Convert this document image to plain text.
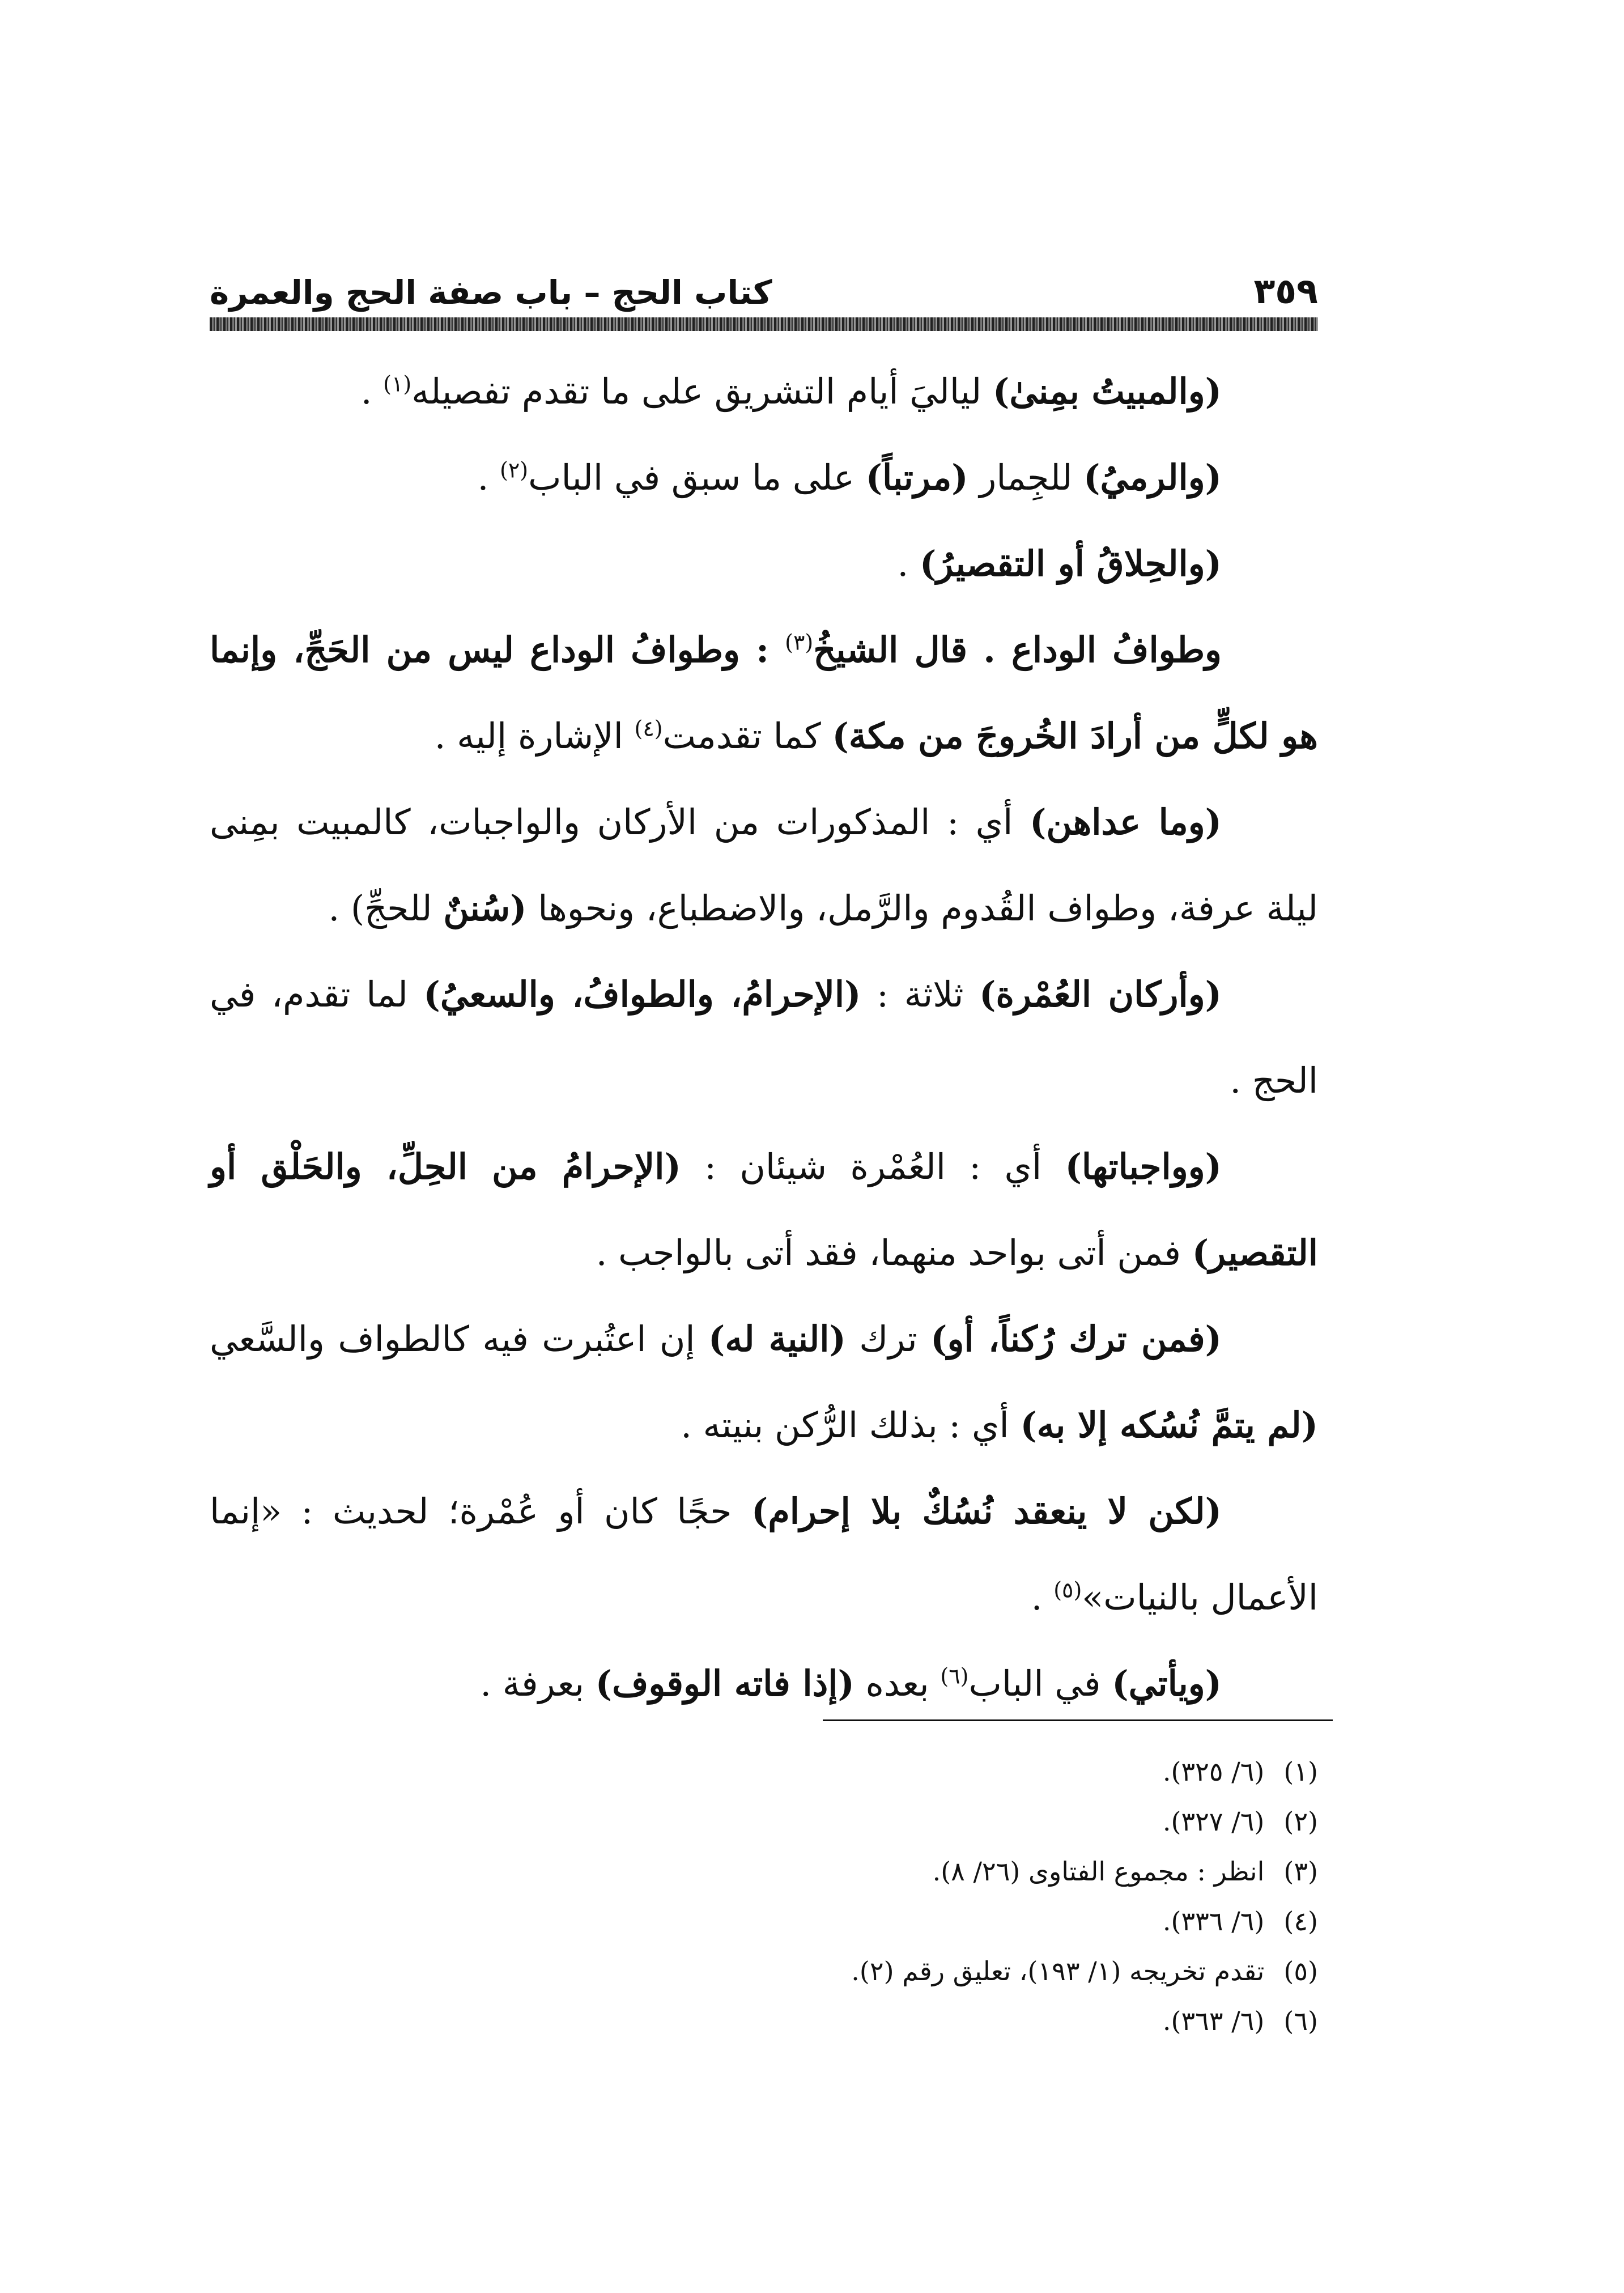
٣٥٩
كتاب الحج – باب صفة الحج والعمرة

(والمبيتُ بمِنىٰ) لياليَ أيام التشريق على ما تقدم تفصيله$^{(١)}$ .

(والرميُ) للجِمار (مرتباً) على ما سبق في الباب$^{(٢)}$ .

(والحِلاقُ أو التقصيرُ) .

وطوافُ الوداع . قال الشيخُ$^{(٣)}$ : وطوافُ الوداع ليس من الحَجِّ، وإنما هو لكلٍّ من أرادَ الخُروجَ من مكة) كما تقدمت$^{(٤)}$ الإشارة إليه .

(وما عداهن) أي : المذكورات من الأركان والواجبات، كالمبيت بمِنى ليلة عرفة، وطواف القُدوم والرَّمل، والاضطباع، ونحوها (سُننٌ للحجِّ) .

(وأركان العُمْرة) ثلاثة : (الإحرامُ، والطوافُ، والسعيُ) لما تقدم، في الحج .

(وواجباتها) أي : العُمْرة شيئان : (الإحرامُ من الحِلِّ، والحَلْق أو التقصير) فمن أتى بواحد منهما، فقد أتى بالواجب .

(فمن ترك رُكناً، أو) ترك (النية له) إن اعتُبرت فيه كالطواف والسَّعي (لم يتمَّ نُسُكه إلا به) أي : بذلك الرُّكن بنيته .

(لكن لا ينعقد نُسُكٌ بلا إحرام) حجًا كان أو عُمْرة؛ لحديث : «إنما الأعمال بالنيات»$^{(٥)}$ .

(ويأتي) في الباب$^{(٦)}$ بعده (إذا فاته الوقوف) بعرفة .

(١) (٦/ ٣٢٥).

(٢) (٦/ ٣٢٧).

(٣) انظر : مجموع الفتاوى (٢٦/ ٨).

(٤) (٦/ ٣٣٦).

(٥) تقدم تخريجه (١/ ١٩٣)، تعليق رقم (٢).

(٦) (٦/ ٣٦٣).
